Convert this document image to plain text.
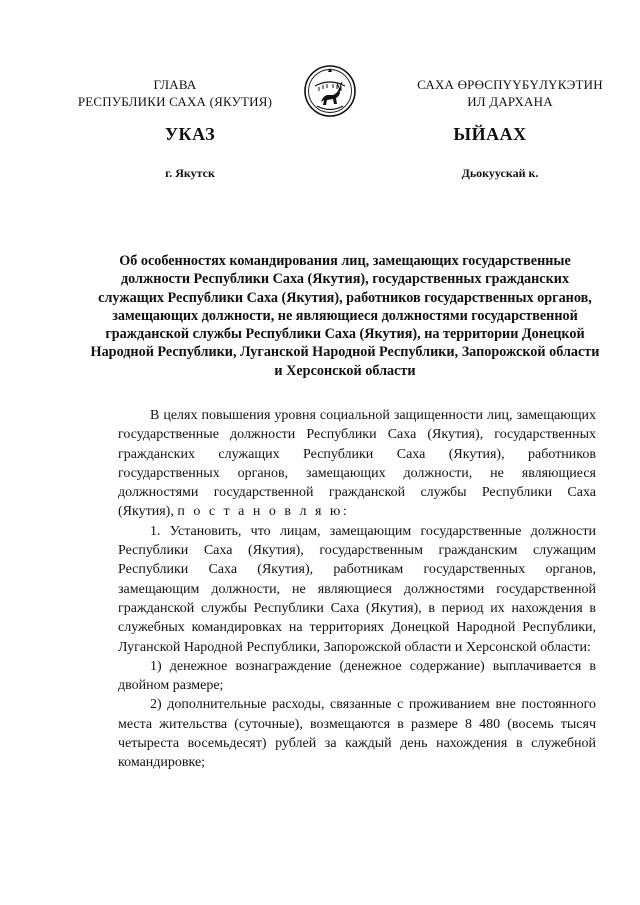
ГЛАВА
РЕСПУБЛИКИ САХА (ЯКУТИЯ)
САХА ӨРӨСПҮҮБҮЛҮКЭТИН
ИЛ ДАРХАНА
УКАЗ	ЫЙААХ
г. Якутск	Дьокуускай к.
Об особенностях командирования лиц, замещающих государственные должности Республики Саха (Якутия), государственных гражданских служащих Республики Саха (Якутия), работников государственных органов, замещающих должности, не являющиеся должностями государственной гражданской службы Республики Саха (Якутия), на территории Донецкой Народной Республики, Луганской Народной Республики, Запорожской области и Херсонской области

В целях повышения уровня социальной защищенности лиц, замещающих государственные должности Республики Саха (Якутия), государственных гражданских служащих Республики Саха (Якутия), работников государственных органов, замещающих должности, не являющиеся должностями государственной гражданской службы Республики Саха (Якутия), п о с т а н о в л я ю:

1. Установить, что лицам, замещающим государственные должности Республики Саха (Якутия), государственным гражданским служащим Республики Саха (Якутия), работникам государственных органов, замещающим должности, не являющиеся должностями государственной гражданской службы Республики Саха (Якутия), в период их нахождения в служебных командировках на территориях Донецкой Народной Республики, Луганской Народной Республики, Запорожской области и Херсонской области:

1) денежное вознаграждение (денежное содержание) выплачивается в двойном размере;

2) дополнительные расходы, связанные с проживанием вне постоянного места жительства (суточные), возмещаются в размере 8 480 (восемь тысяч четыреста восемьдесят) рублей за каждый день нахождения в служебной командировке;
